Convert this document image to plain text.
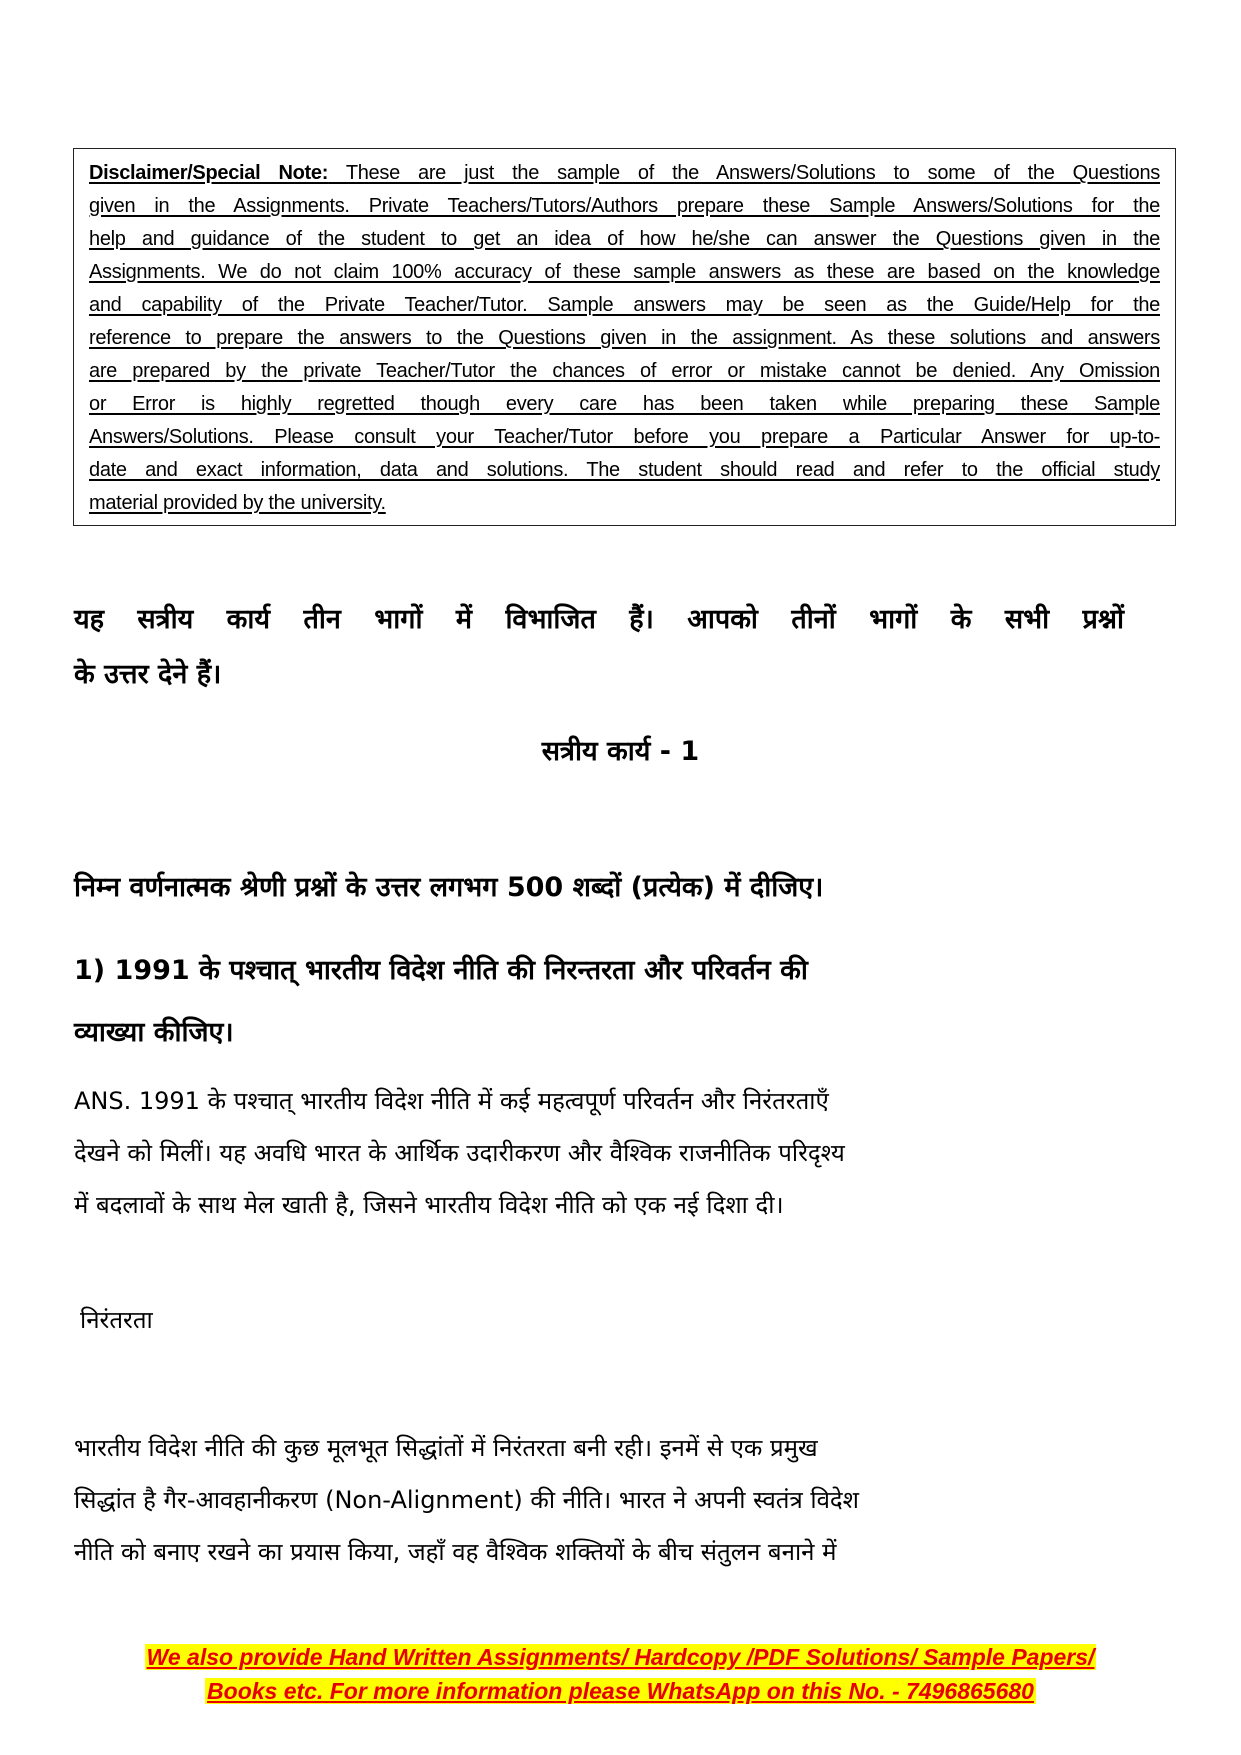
Disclaimer/Special Note: These are just the sample of the Answers/Solutions to some of the Questions
given in the Assignments. Private Teachers/Tutors/Authors prepare these Sample Answers/Solutions for the
help and guidance of the student to get an idea of how he/she can answer the Questions given in the
Assignments. We do not claim 100% accuracy of these sample answers as these are based on the knowledge
and capability of the Private Teacher/Tutor. Sample answers may be seen as the Guide/Help for the
reference to prepare the answers to the Questions given in the assignment. As these solutions and answers
are prepared by the private Teacher/Tutor the chances of error or mistake cannot be denied. Any Omission
or Error is highly regretted though every care has been taken while preparing these Sample
Answers/Solutions. Please consult your Teacher/Tutor before you prepare a Particular Answer for up-to-
date and exact information, data and solutions. The student should read and refer to the official study
material provided by the university.
यह सत्रीय कार्य तीन भागों में विभाजित हैं। आपको तीनों भागों के सभी प्रश्नों
के उत्तर देने हैं।
सत्रीय कार्य - 1
निम्न वर्णनात्मक श्रेणी प्रश्नों के उत्तर लगभग 500 शब्दों (प्रत्येक) में दीजिए।
1) 1991 के पश्चात् भारतीय विदेश नीति की निरन्तरता और परिवर्तन की
व्याख्या कीजिए।
ANS. 1991 के पश्चात् भारतीय विदेश नीति में कई महत्वपूर्ण परिवर्तन और निरंतरताएँ
देखने को मिलीं। यह अवधि भारत के आर्थिक उदारीकरण और वैश्विक राजनीतिक परिदृश्य
में बदलावों के साथ मेल खाती है, जिसने भारतीय विदेश नीति को एक नई दिशा दी।
निरंतरता
भारतीय विदेश नीति की कुछ मूलभूत सिद्धांतों में निरंतरता बनी रही। इनमें से एक प्रमुख
सिद्धांत है गैर-आवहानीकरण (Non-Alignment) की नीति। भारत ने अपनी स्वतंत्र विदेश
नीति को बनाए रखने का प्रयास किया, जहाँ वह वैश्विक शक्तियों के बीच संतुलन बनाने में
We also provide Hand Written Assignments/ Hardcopy /PDF Solutions/ Sample Papers/
Books etc. For more information please WhatsApp on this No. - 7496865680
